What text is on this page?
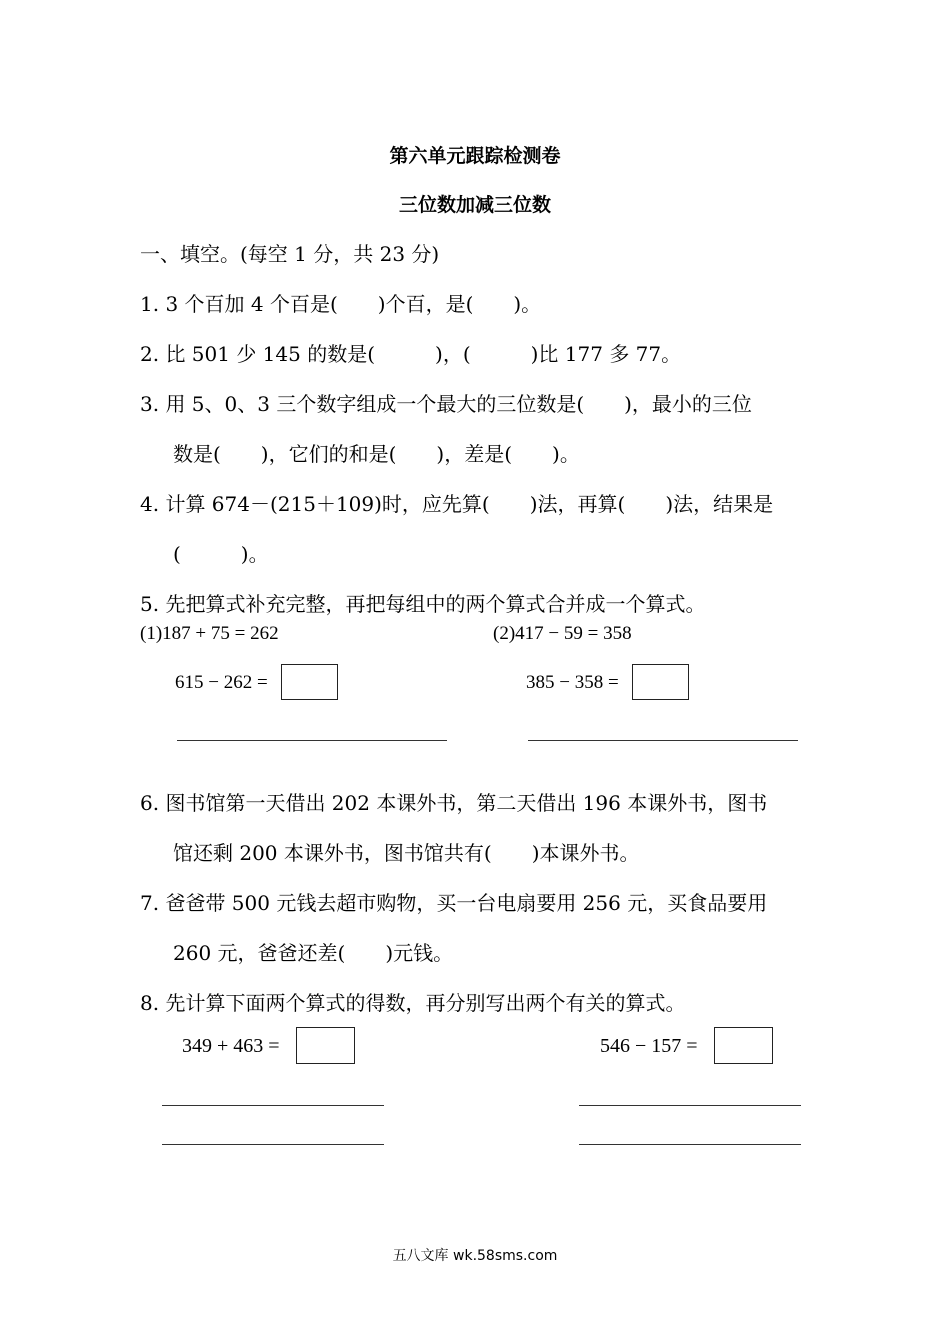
第六单元跟踪检测卷
三位数加减三位数
一、填空。(每空 1 分，共 23 分)
1. 3 个百加 4 个百是(　　)个百，是(　　)。
2. 比 501 少 145 的数是(　　　)，(　　　)比 177 多 77。
3. 用 5、0、3 三个数字组成一个最大的三位数是(　　)，最小的三位
数是(　　)，它们的和是(　　)，差是(　　)。
4. 计算 674－(215＋109)时，应先算(　　)法，再算(　　)法，结果是
(　　　)。
5. 先把算式补充完整，再把每组中的两个算式合并成一个算式。
(1)187 + 75 = 262
615 − 262 =
(2)417 − 59 = 358
385 − 358 =
6. 图书馆第一天借出 202 本课外书，第二天借出 196 本课外书，图书
馆还剩 200 本课外书，图书馆共有(　　)本课外书。
7. 爸爸带 500 元钱去超市购物，买一台电扇要用 256 元，买食品要用
260 元，爸爸还差(　　)元钱。
8. 先计算下面两个算式的得数，再分别写出两个有关的算式。
349 + 463 =	546 − 157 =
五八文库 wk.58sms.com
